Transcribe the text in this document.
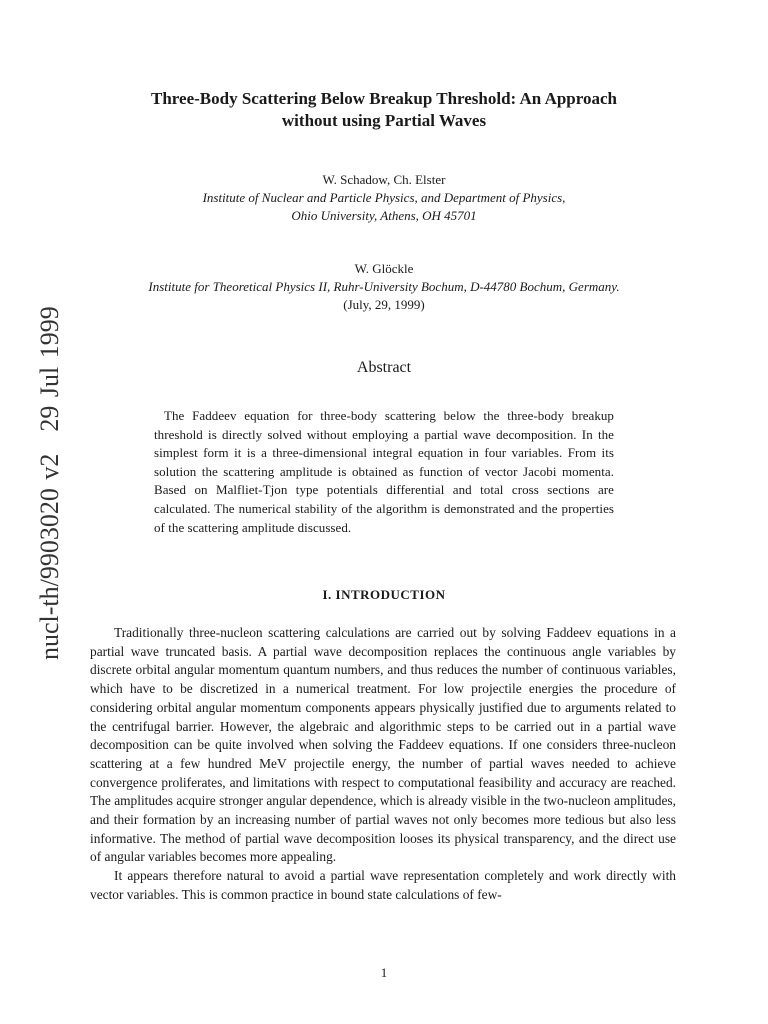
nucl-th/9903020 v229 Jul 1999
Three-Body Scattering Below Breakup Threshold: An Approach
without using Partial Waves
W. Schadow, Ch. Elster
Institute of Nuclear and Particle Physics, and Department of Physics,
Ohio University, Athens, OH 45701
W. Glöckle
Institute for Theoretical Physics II, Ruhr-University Bochum, D-44780 Bochum, Germany.
(July, 29, 1999)
Abstract
The Faddeev equation for three-body scattering below the three-body breakup threshold is directly solved without employing a partial wave decomposition. In the simplest form it is a three-dimensional integral equation in four variables. From its solution the scattering amplitude is obtained as function of vector Jacobi momenta. Based on Malfliet-Tjon type potentials differential and total cross sections are calculated. The numerical stability of the algorithm is demonstrated and the properties of the scattering amplitude discussed.
I. INTRODUCTION

Traditionally three-nucleon scattering calculations are carried out by solving Faddeev equations in a partial wave truncated basis. A partial wave decomposition replaces the continuous angle variables by discrete orbital angular momentum quantum numbers, and thus reduces the number of continuous variables, which have to be discretized in a numerical treatment. For low projectile energies the procedure of considering orbital angular momentum components appears physically justified due to arguments related to the centrifugal barrier. However, the algebraic and algorithmic steps to be carried out in a partial wave decomposition can be quite involved when solving the Faddeev equations. If one considers three-nucleon scattering at a few hundred MeV projectile energy, the number of partial waves needed to achieve convergence proliferates, and limitations with respect to computational feasibility and accuracy are reached. The amplitudes acquire stronger angular dependence, which is already visible in the two-nucleon amplitudes, and their formation by an increasing number of partial waves not only becomes more tedious but also less informative. The method of partial wave decomposition looses its physical transparency, and the direct use of angular variables becomes more appealing.

It appears therefore natural to avoid a partial wave representation completely and work directly with vector variables. This is common practice in bound state calculations of few-

1
